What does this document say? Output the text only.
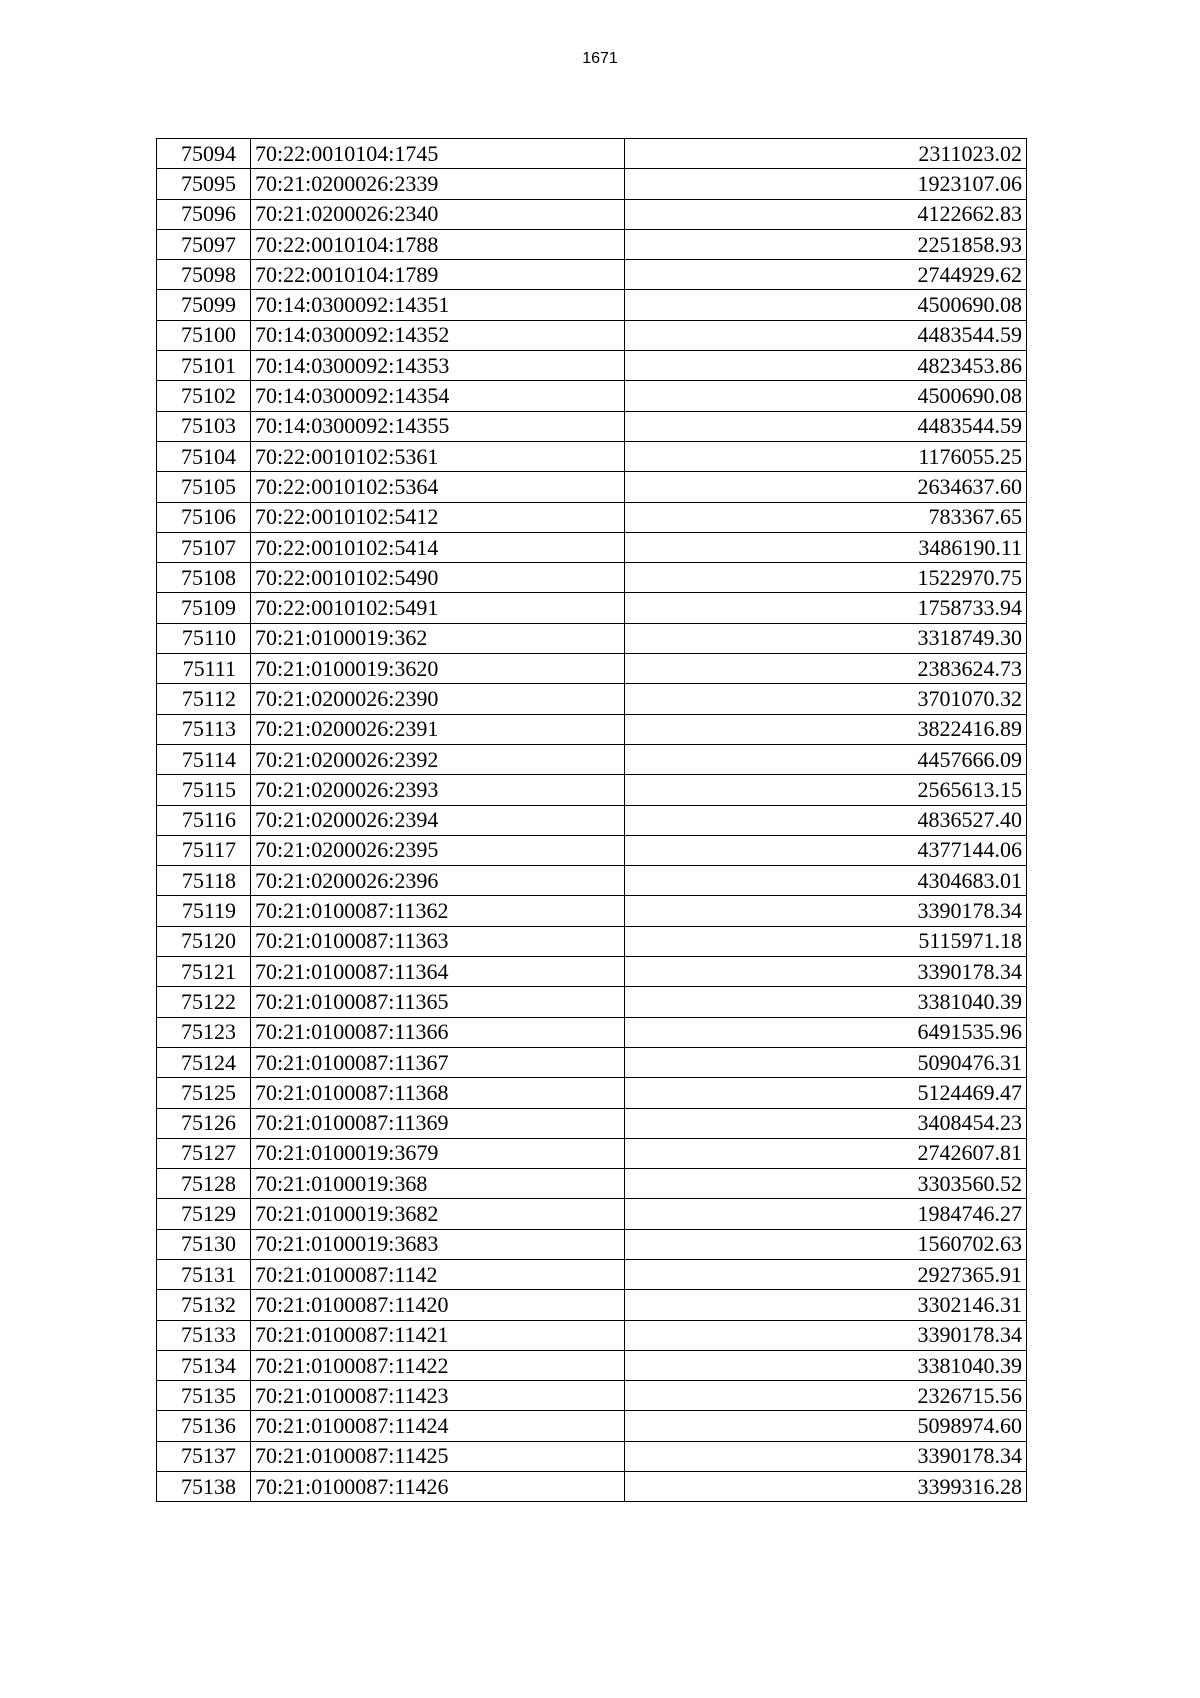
1671
75094	70:22:0010104:1745	2311023.02
75095	70:21:0200026:2339	1923107.06
75096	70:21:0200026:2340	4122662.83
75097	70:22:0010104:1788	2251858.93
75098	70:22:0010104:1789	2744929.62
75099	70:14:0300092:14351	4500690.08
75100	70:14:0300092:14352	4483544.59
75101	70:14:0300092:14353	4823453.86
75102	70:14:0300092:14354	4500690.08
75103	70:14:0300092:14355	4483544.59
75104	70:22:0010102:5361	1176055.25
75105	70:22:0010102:5364	2634637.60
75106	70:22:0010102:5412	783367.65
75107	70:22:0010102:5414	3486190.11
75108	70:22:0010102:5490	1522970.75
75109	70:22:0010102:5491	1758733.94
75110	70:21:0100019:362	3318749.30
75111	70:21:0100019:3620	2383624.73
75112	70:21:0200026:2390	3701070.32
75113	70:21:0200026:2391	3822416.89
75114	70:21:0200026:2392	4457666.09
75115	70:21:0200026:2393	2565613.15
75116	70:21:0200026:2394	4836527.40
75117	70:21:0200026:2395	4377144.06
75118	70:21:0200026:2396	4304683.01
75119	70:21:0100087:11362	3390178.34
75120	70:21:0100087:11363	5115971.18
75121	70:21:0100087:11364	3390178.34
75122	70:21:0100087:11365	3381040.39
75123	70:21:0100087:11366	6491535.96
75124	70:21:0100087:11367	5090476.31
75125	70:21:0100087:11368	5124469.47
75126	70:21:0100087:11369	3408454.23
75127	70:21:0100019:3679	2742607.81
75128	70:21:0100019:368	3303560.52
75129	70:21:0100019:3682	1984746.27
75130	70:21:0100019:3683	1560702.63
75131	70:21:0100087:1142	2927365.91
75132	70:21:0100087:11420	3302146.31
75133	70:21:0100087:11421	3390178.34
75134	70:21:0100087:11422	3381040.39
75135	70:21:0100087:11423	2326715.56
75136	70:21:0100087:11424	5098974.60
75137	70:21:0100087:11425	3390178.34
75138	70:21:0100087:11426	3399316.28
